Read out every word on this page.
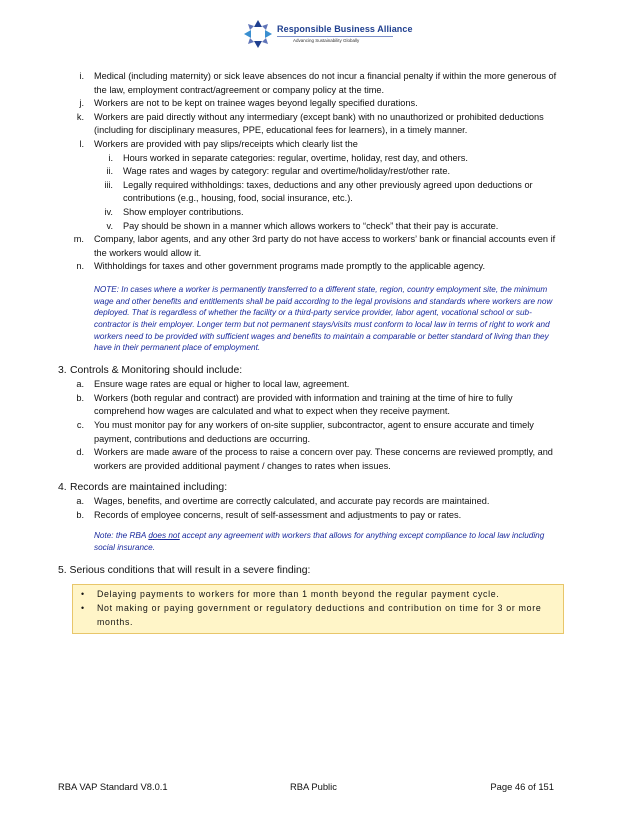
Responsible Business Alliance
Advancing Sustainability Globally
i. Medical (including maternity) or sick leave absences do not incur a financial penalty if within the more generous of the law, employment contract/agreement or company policy at the time.
j. Workers are not to be kept on trainee wages beyond legally specified durations.
k. Workers are paid directly without any intermediary (except bank) with no unauthorized or prohibited deductions (including for disciplinary measures, PPE, educational fees for learners), in a timely manner.
l. Workers are provided with pay slips/receipts which clearly list the
i. Hours worked in separate categories: regular, overtime, holiday, rest day, and others.
ii. Wage rates and wages by category: regular and overtime/holiday/rest/other rate.
iii. Legally required withholdings: taxes, deductions and any other previously agreed upon deductions or contributions (e.g., housing, food, social insurance, etc.).
iv. Show employer contributions.
v. Pay should be shown in a manner which allows workers to “check” that their pay is accurate.
m. Company, labor agents, and any other 3rd party do not have access to workers’ bank or financial accounts even if the workers would allow it.
n. Withholdings for taxes and other government programs made promptly to the applicable agency.
NOTE: In cases where a worker is permanently transferred to a different state, region, country employment site, the minimum wage and other benefits and entitlements shall be paid according to the legal provisions and standards where workers are now deployed. That is regardless of whether the facility or a third-party service provider, labor agent, vocational school or sub-contractor is their employer. Longer term but not permanent stays/visits must conform to local law in terms of right to work and workers need to be provided with sufficient wages and benefits to maintain a comparable or better standard of living than they have in their permanent place of employment.
3. Controls & Monitoring should include:
a. Ensure wage rates are equal or higher to local law, agreement.
b. Workers (both regular and contract) are provided with information and training at the time of hire to fully comprehend how wages are calculated and what to expect when they receive payment.
c. You must monitor pay for any workers of on-site supplier, subcontractor, agent to ensure accurate and timely payment, contributions and deductions are occurring.
d. Workers are made aware of the process to raise a concern over pay. These concerns are reviewed promptly, and workers are provided additional payment / changes to rates when issues.
4. Records are maintained including:
a. Wages, benefits, and overtime are correctly calculated, and accurate pay records are maintained.
b. Records of employee concerns, result of self-assessment and adjustments to pay or rates.
Note: the RBA does not accept any agreement with workers that allows for anything except compliance to local law including social insurance.
5. Serious conditions that will result in a severe finding:
• Delaying payments to workers for more than 1 month beyond the regular payment cycle.
• Not making or paying government or regulatory deductions and contribution on time for 3 or more months.
RBA VAP Standard V8.0.1	RBA Public	Page 46 of 151
